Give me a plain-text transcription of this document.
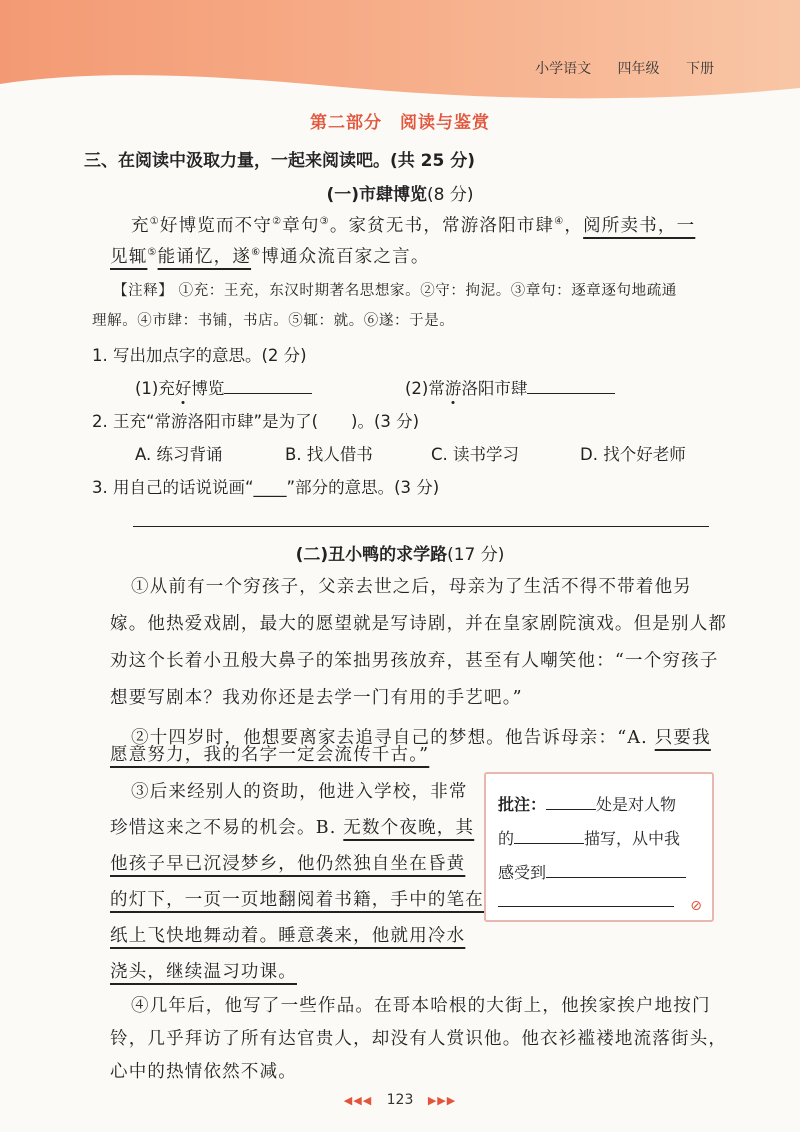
小学语文 四年级 下册
第二部分　阅读与鉴赏
三、在阅读中汲取力量，一起来阅读吧。(共 25 分)
(一)市肆博览(8 分)
充①好博览而不守②章句③。家贫无书，常游洛阳市肆④，阅所卖书，一
见辄⑤能诵忆，遂⑥博通众流百家之言。
【注释】 ①充：王充，东汉时期著名思想家。②守：拘泥。③章句：逐章逐句地疏通
理解。④市肆：书铺，书店。⑤辄：就。⑥遂：于是。
1. 写出加点字的意思。(2 分)
(1)充好博览	(2)常游洛阳市肆
2. 王充“常游洛阳市肆”是为了(　　)。(3 分)
A. 练习背诵	B. 找人借书	C. 读书学习	D. 找个好老师
3. 用自己的话说说画“____”部分的意思。(3 分)
(二)丑小鸭的求学路(17 分)
①从前有一个穷孩子，父亲去世之后，母亲为了生活不得不带着他另
嫁。他热爱戏剧，最大的愿望就是写诗剧，并在皇家剧院演戏。但是别人都
劝这个长着小丑般大鼻子的笨拙男孩放弃，甚至有人嘲笑他：“一个穷孩子
想要写剧本？我劝你还是去学一门有用的手艺吧。”
②十四岁时，他想要离家去追寻自己的梦想。他告诉母亲：“A. 只要我
愿意努力，我的名字一定会流传千古。”
③后来经别人的资助，他进入学校，非常
珍惜这来之不易的机会。B. 无数个夜晚，其
他孩子早已沉浸梦乡，他仍然独自坐在昏黄
的灯下，一页一页地翻阅着书籍，手中的笔在
纸上飞快地舞动着。睡意袭来，他就用冷水
浇头，继续温习功课。
批注：	处是对人物
的	描写，从中我
感受到
⊘
④几年后，他写了一些作品。在哥本哈根的大街上，他挨家挨户地按门
铃，几乎拜访了所有达官贵人，却没有人赏识他。他衣衫褴褛地流落街头，
心中的热情依然不减。
◀◀◀ 123 ▶▶▶
